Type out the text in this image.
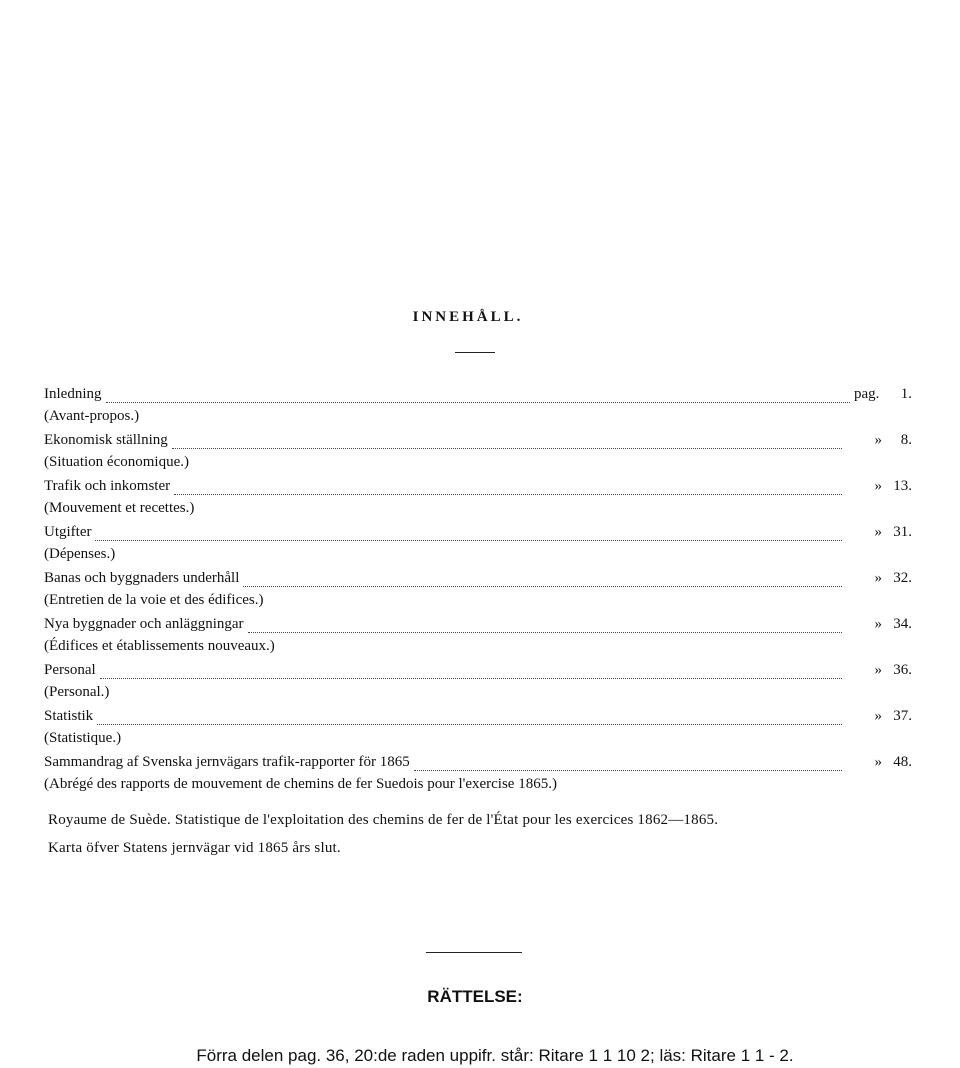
INNEHÅLL.
Inledning	pag.	1.
(Avant-propos.)
Ekonomisk ställning	»	8.
(Situation économique.)
Trafik och inkomster	» 13.
(Mouvement et recettes.)
Utgifter	» 31.
(Dépenses.)
Banas och byggnaders underhåll	» 32.
(Entretien de la voie et des édifices.)
Nya byggnader och anläggningar	» 34.
(Édifices et établissements nouveaux.)
Personal	» 36.
(Personal.)
Statistik	» 37.
(Statistique.)
Sammandrag af Svenska jernvägars trafik-rapporter för 1865	» 48.
(Abrégé des rapports de mouvement de chemins de fer Suedois pour l'exercise 1865.)
Royaume de Suède. Statistique de l'exploitation des chemins de fer de l'État pour les exercices 1862—1865.
Karta öfver Statens jernvägar vid 1865 års slut.
RÄTTELSE:

Förra delen pag. 36, 20:de raden uppifr. står: Ritare 1 1 10 2; läs: Ritare 1 1 - 2.
